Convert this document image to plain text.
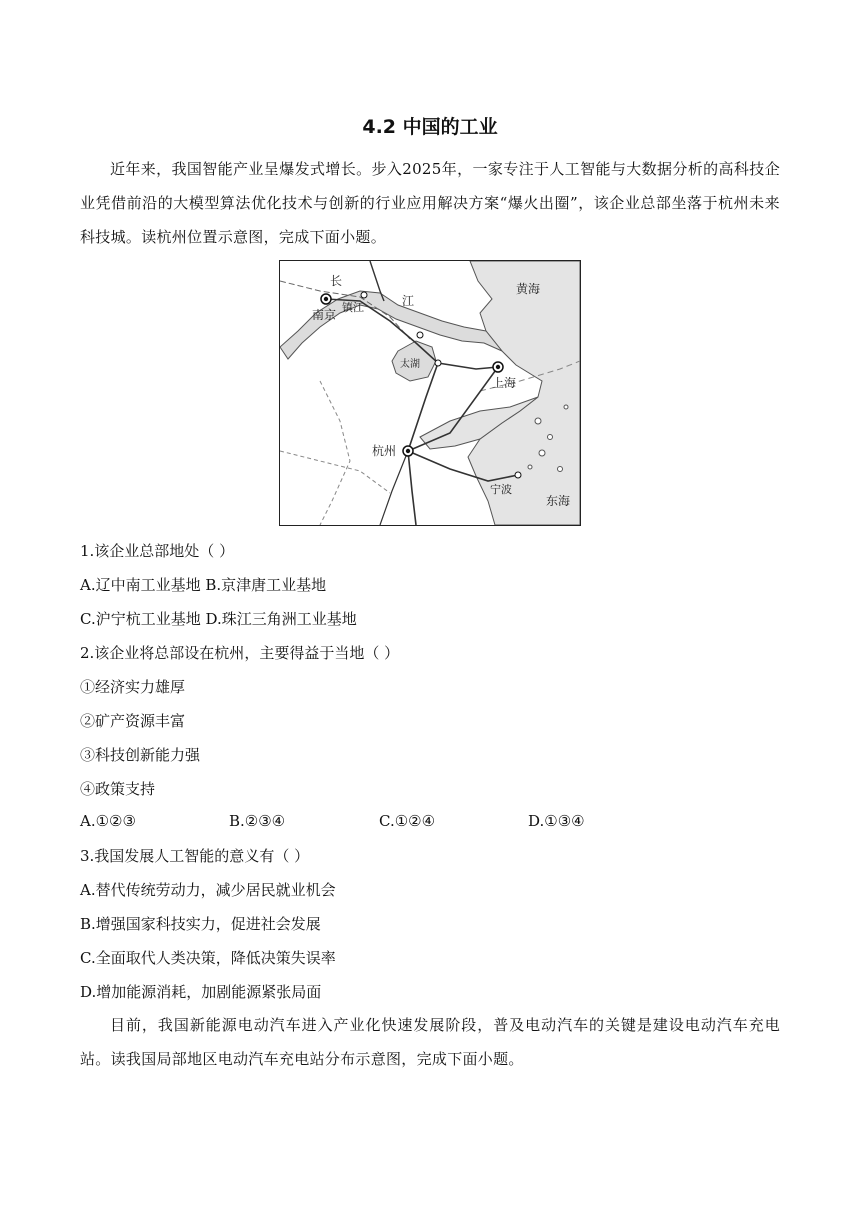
4.2 中国的工业
近年来，我国智能产业呈爆发式增长。步入2025年，一家专注于人工智能与大数据分析的高科技企业凭借前沿的大模型算法优化技术与创新的行业应用解决方案“爆火出圈”，该企业总部坐落于杭州未来科技城。读杭州位置示意图，完成下面小题。
长
江
黄海
南京
镇江
太湖
上海
杭州
宁波
东海
1.该企业总部地处（ ）
A.辽中南工业基地 B.京津唐工业基地
C.沪宁杭工业基地 D.珠江三角洲工业基地
2.该企业将总部设在杭州，主要得益于当地（ ）
①经济实力雄厚
②矿产资源丰富
③科技创新能力强
④政策支持
A.①②③	B.②③④	C.①②④	D.①③④
3.我国发展人工智能的意义有（ ）
A.替代传统劳动力，减少居民就业机会
B.增强国家科技实力，促进社会发展
C.全面取代人类决策，降低决策失误率
D.增加能源消耗，加剧能源紧张局面
目前，我国新能源电动汽车进入产业化快速发展阶段，普及电动汽车的关键是建设电动汽车充电站。读我国局部地区电动汽车充电站分布示意图，完成下面小题。
